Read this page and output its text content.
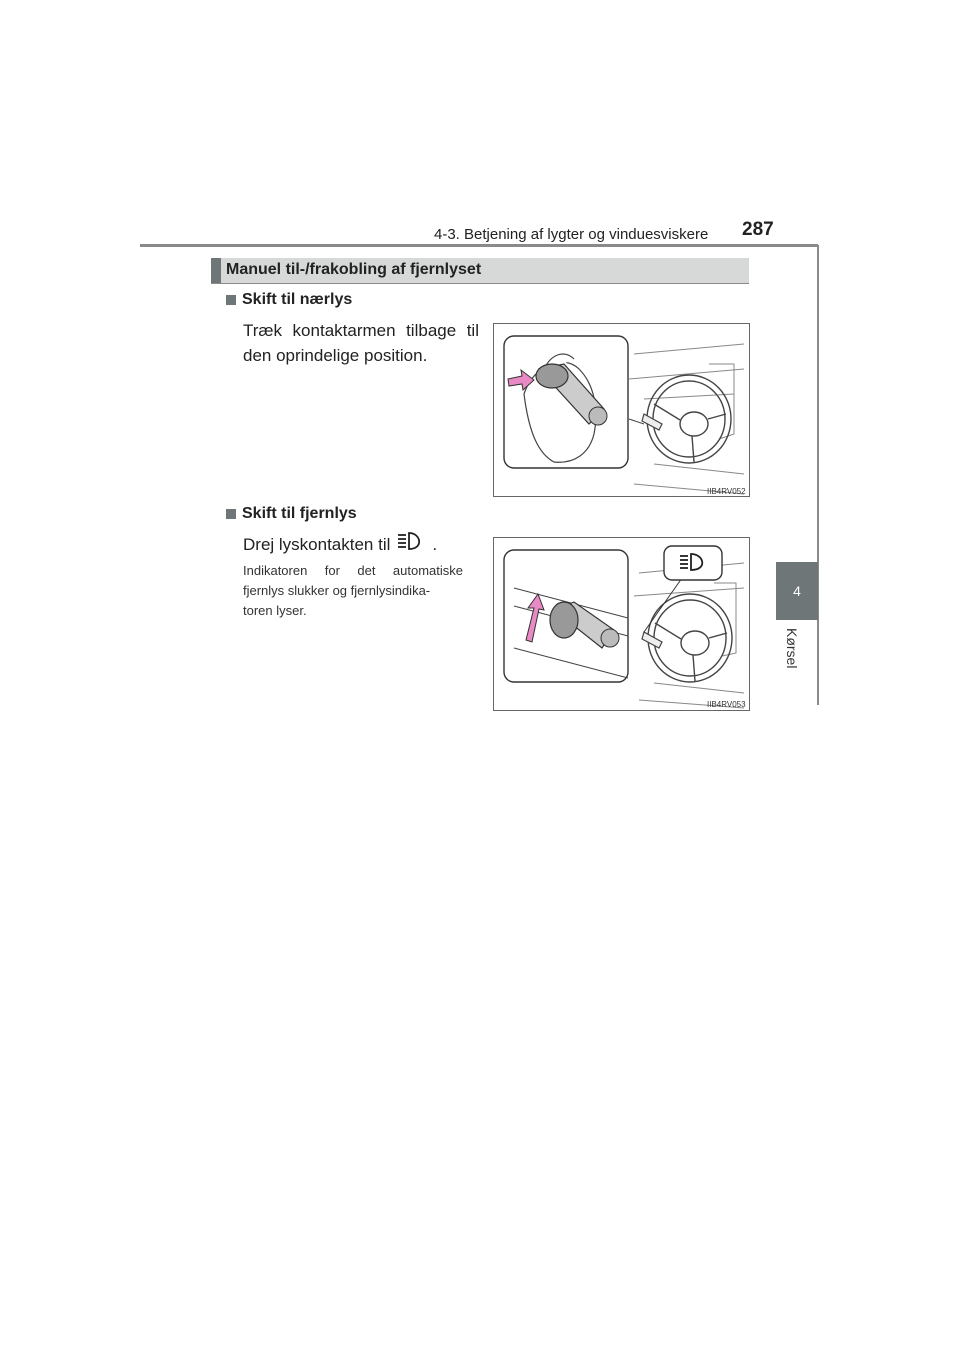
4-3. Betjening af lygter og vinduesviskere 287
4
Kørsel
Manuel til-/frakobling af fjernlyset
Skift til nærlys
Træk kontaktarmen tilbage til
den oprindelige position.
IIB4RV052
Skift til fjernlys
Drej lyskontakten til .
Indikatoren for det automatiske
fjernlys slukker og fjernlysindika-
toren lyser.
IIB4RV053
